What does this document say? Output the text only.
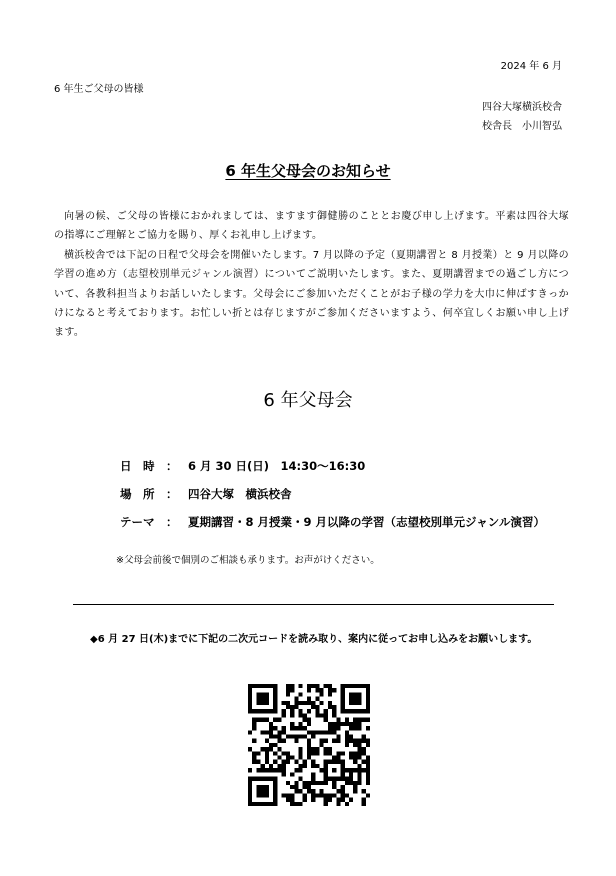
2024 年 6 月
6 年生ご父母の皆様
四谷大塚横浜校舎
校舎長　小川智弘
6 年生父母会のお知らせ

向暑の候、ご父母の皆様におかれましては、ますます御健勝のこととお慶び申し上げます。平素は四谷大塚の指導にご理解とご協力を賜り、厚くお礼申し上げます。

横浜校舎では下記の日程で父母会を開催いたします。7 月以降の予定（夏期講習と 8 月授業）と 9 月以降の学習の進め方（志望校別単元ジャンル演習）についてご説明いたします。また、夏期講習までの過ごし方について、各教科担当よりお話しいたします。父母会にご参加いただくことがお子様の学力を大巾に伸ばすきっかけになると考えております。お忙しい折とは存じますがご参加くださいますよう、何卒宜しくお願い申し上げます。

6 年父母会
日　時　： 6 月 30 日(日)　14:30〜16:30
場　所　： 四谷大塚　横浜校舎
テーマ　： 夏期講習・8 月授業・9 月以降の学習（志望校別単元ジャンル演習）
※父母会前後で個別のご相談も承ります。お声がけください。
◆6 月 27 日(木)までに下記の二次元コードを読み取り、案内に従ってお申し込みをお願いします。
